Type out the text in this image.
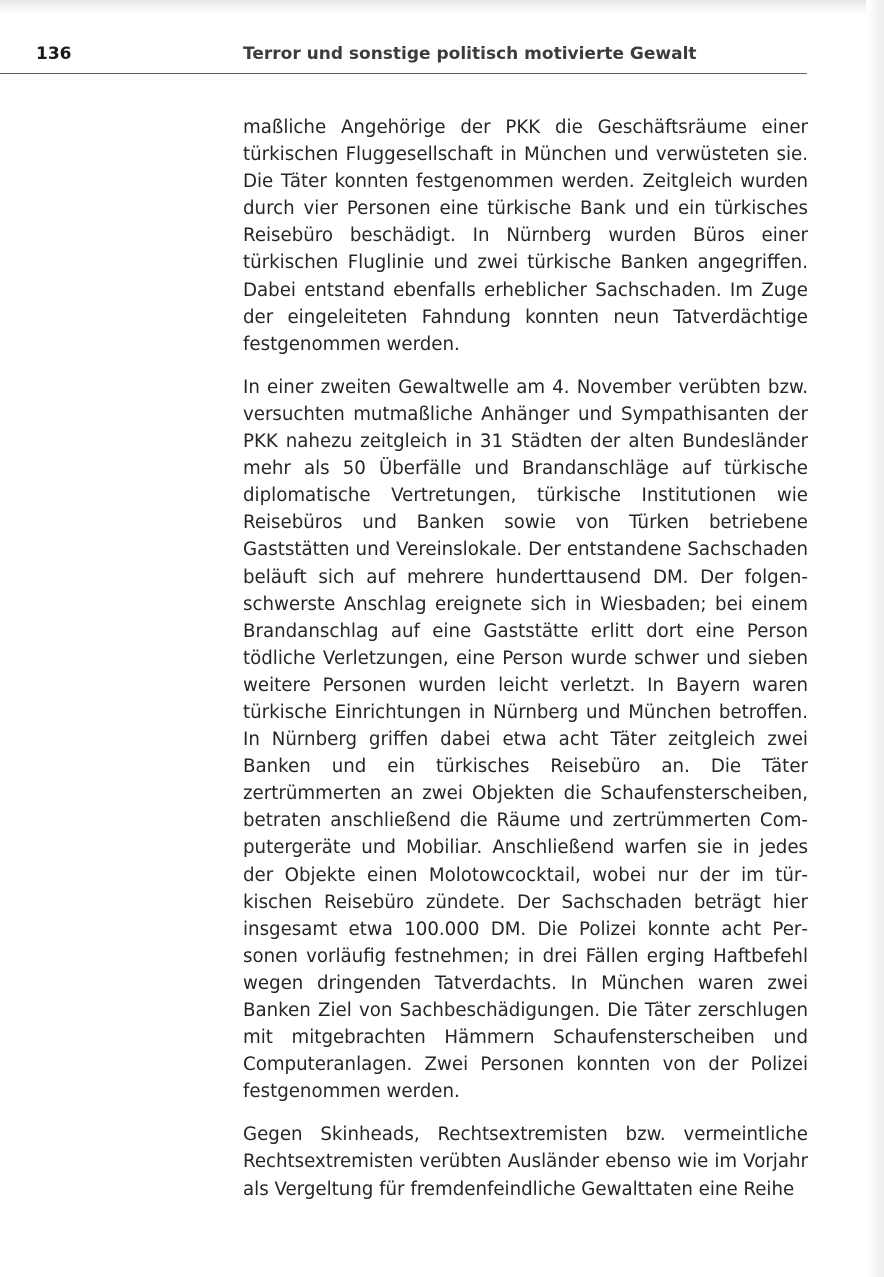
136	Terror und sonstige politisch motivierte Gewalt

maßliche Angehörige der PKK die Geschäftsräume einer türkischen Fluggesellschaft in München und verwüsteten sie. Die Täter konnten festgenommen werden. Zeitgleich wurden durch vier Personen eine türkische Bank und ein türkisches Reisebüro beschädigt. In Nürnberg wurden Büros einer türkischen Fluglinie und zwei türkische Banken angegriffen. Dabei entstand ebenfalls erheblicher Sachschaden. Im Zuge der eingeleiteten Fahndung konnten neun Tatverdächtige festgenommen werden.

In einer zweiten Gewaltwelle am 4. November verübten bzw. versuchten mutmaßliche Anhänger und Sympathisanten der PKK nahezu zeitgleich in 31 Städten der alten Bundesländer mehr als 50 Überfälle und Brandanschläge auf türkische diplomatische Vertretungen, türkische Institutionen wie Reisebüros und Banken sowie von Türken betriebene Gaststätten und Vereinslokale. Der entstandene Sachschaden beläuft sich auf mehrere hunderttausend DM. Der folgenschwerste Anschlag ereignete sich in Wiesbaden; bei einem Brandanschlag auf eine Gaststätte erlitt dort eine Person tödliche Verletzungen, eine Person wurde schwer und sieben weitere Personen wurden leicht verletzt. In Bayern waren türkische Einrichtungen in Nürnberg und München betroffen. In Nürnberg griffen dabei etwa acht Täter zeitgleich zwei Banken und ein türkisches Reisebüro an. Die Täter zertrümmerten an zwei Objekten die Schaufensterscheiben, betraten anschließend die Räume und zertrümmerten Computergeräte und Mobiliar. Anschließend warfen sie in jedes der Objekte einen Molotowcocktail, wobei nur der im türkischen Reisebüro zündete. Der Sachschaden beträgt hier insgesamt etwa 100.000 DM. Die Polizei konnte acht Personen vorläufig festnehmen; in drei Fällen erging Haftbefehl wegen dringenden Tatverdachts. In München waren zwei Banken Ziel von Sachbeschädigungen. Die Täter zerschlugen mit mitgebrachten Hämmern Schaufensterscheiben und Computeranlagen. Zwei Personen konnten von der Polizei festgenommen werden.

Gegen Skinheads, Rechtsextremisten bzw. vermeintliche Rechtsextremisten verübten Ausländer ebenso wie im Vorjahr als Vergeltung für fremdenfeindliche Gewalttaten eine Reihe
